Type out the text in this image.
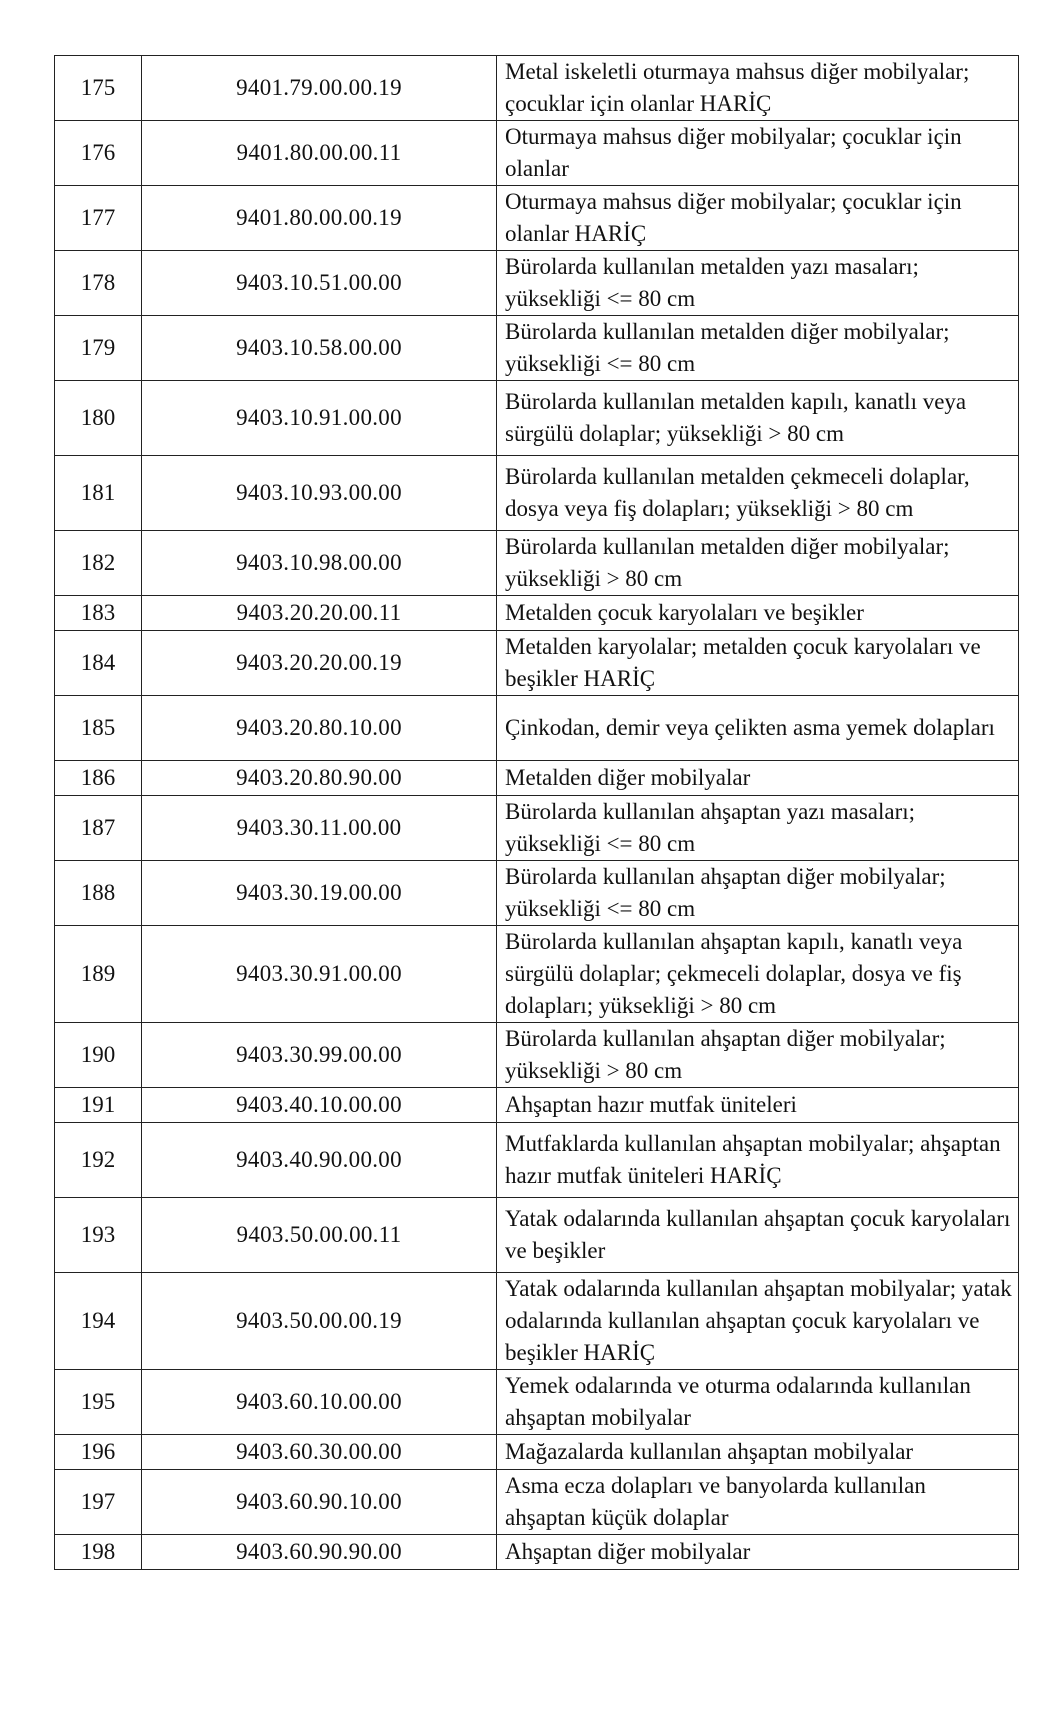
175	9401.79.00.00.19	Metal iskeletli oturmaya mahsus diğer mobilyalar; çocuklar için olanlar HARİÇ
176	9401.80.00.00.11	Oturmaya mahsus diğer mobilyalar; çocuklar için olanlar
177	9401.80.00.00.19	Oturmaya mahsus diğer mobilyalar; çocuklar için olanlar HARİÇ
178	9403.10.51.00.00	Bürolarda kullanılan metalden yazı masaları; yüksekliği <= 80 cm
179	9403.10.58.00.00	Bürolarda kullanılan metalden diğer mobilyalar; yüksekliği <= 80 cm
180	9403.10.91.00.00	Bürolarda kullanılan metalden kapılı, kanatlı veya sürgülü dolaplar; yüksekliği > 80 cm
181	9403.10.93.00.00	Bürolarda kullanılan metalden çekmeceli dolaplar, dosya veya fiş dolapları; yüksekliği > 80 cm
182	9403.10.98.00.00	Bürolarda kullanılan metalden diğer mobilyalar; yüksekliği > 80 cm
183	9403.20.20.00.11	Metalden çocuk karyolaları ve beşikler
184	9403.20.20.00.19	Metalden karyolalar; metalden çocuk karyolaları ve beşikler HARİÇ
185	9403.20.80.10.00	Çinkodan, demir veya çelikten asma yemek dolapları
186	9403.20.80.90.00	Metalden diğer mobilyalar
187	9403.30.11.00.00	Bürolarda kullanılan ahşaptan yazı masaları; yüksekliği <= 80 cm
188	9403.30.19.00.00	Bürolarda kullanılan ahşaptan diğer mobilyalar; yüksekliği <= 80 cm
189	9403.30.91.00.00	Bürolarda kullanılan ahşaptan kapılı, kanatlı veya sürgülü dolaplar; çekmeceli dolaplar, dosya ve fiş dolapları; yüksekliği > 80 cm
190	9403.30.99.00.00	Bürolarda kullanılan ahşaptan diğer mobilyalar; yüksekliği > 80 cm
191	9403.40.10.00.00	Ahşaptan hazır mutfak üniteleri
192	9403.40.90.00.00	Mutfaklarda kullanılan ahşaptan mobilyalar; ahşaptan hazır mutfak üniteleri HARİÇ
193	9403.50.00.00.11	Yatak odalarında kullanılan ahşaptan çocuk karyolaları ve beşikler
194	9403.50.00.00.19	Yatak odalarında kullanılan ahşaptan mobilyalar; yatak odalarında kullanılan ahşaptan çocuk karyolaları ve beşikler HARİÇ
195	9403.60.10.00.00	Yemek odalarında ve oturma odalarında kullanılan ahşaptan mobilyalar
196	9403.60.30.00.00	Mağazalarda kullanılan ahşaptan mobilyalar
197	9403.60.90.10.00	Asma ecza dolapları ve banyolarda kullanılan ahşaptan küçük dolaplar
198	9403.60.90.90.00	Ahşaptan diğer mobilyalar
